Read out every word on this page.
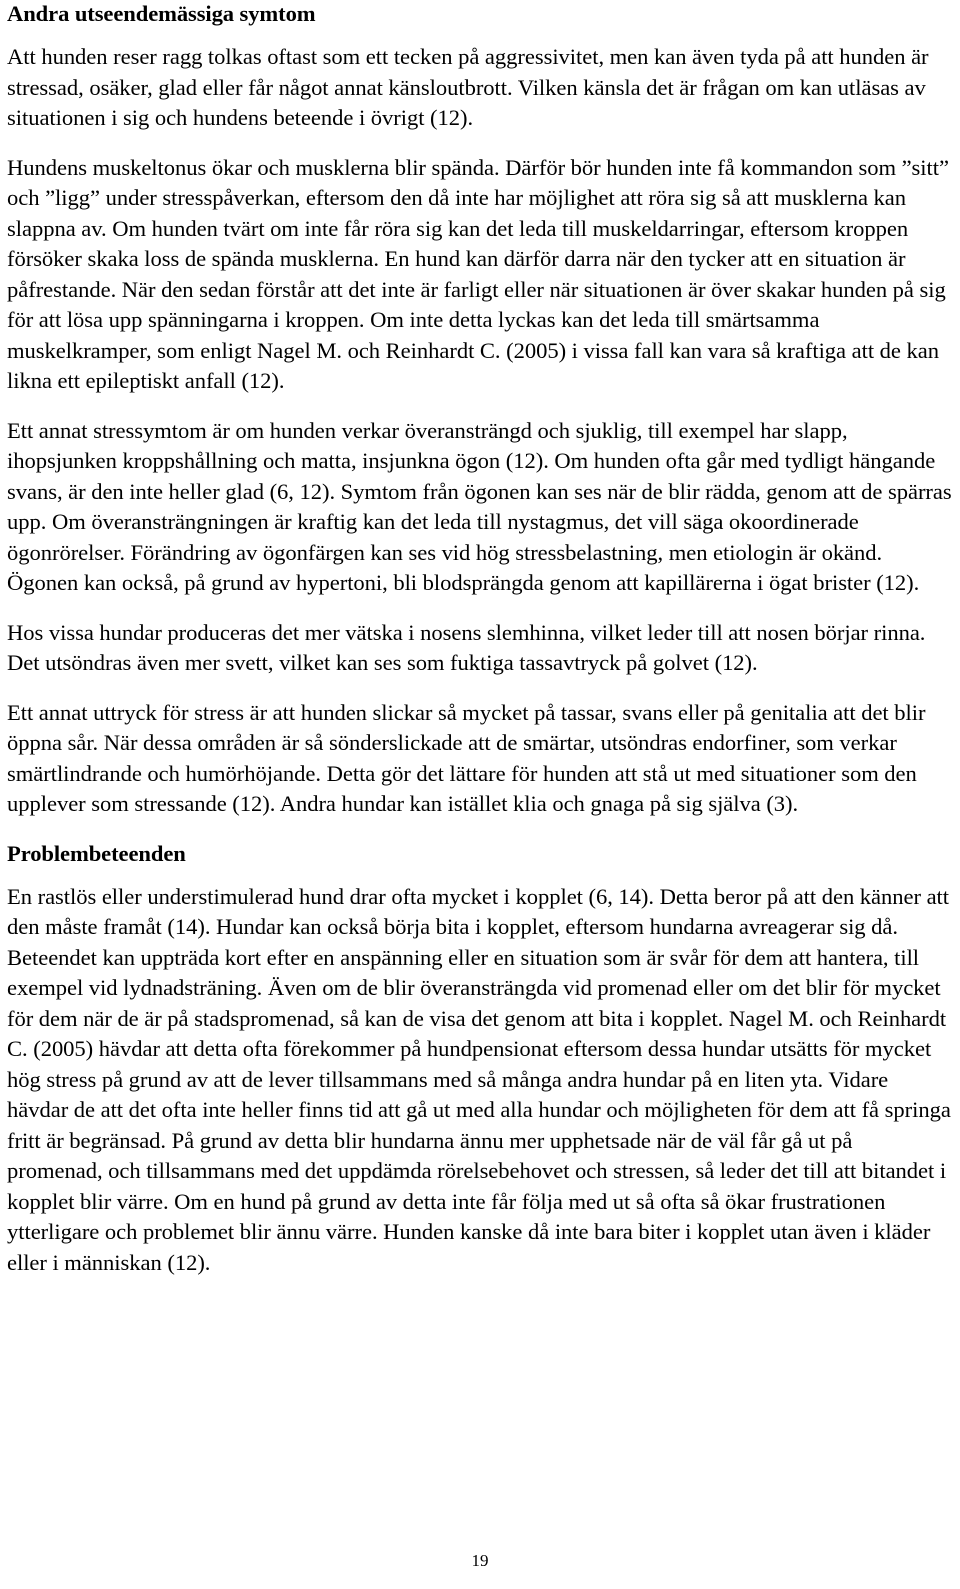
Andra utseendemässiga symtom

Att hunden reser ragg tolkas oftast som ett tecken på aggressivitet, men kan även tyda på att hunden är stressad, osäker, glad eller får något annat känsloutbrott. Vilken känsla det är frågan om kan utläsas av situationen i sig och hundens beteende i övrigt (12).

Hundens muskeltonus ökar och musklerna blir spända. Därför bör hunden inte få kommandon som ”sitt” och ”ligg” under stresspåverkan, eftersom den då inte har möjlighet att röra sig så att musklerna kan slappna av. Om hunden tvärt om inte får röra sig kan det leda till muskeldarringar, eftersom kroppen försöker skaka loss de spända musklerna. En hund kan därför darra när den tycker att en situation är påfrestande. När den sedan förstår att det inte är farligt eller när situationen är över skakar hunden på sig för att lösa upp spänningarna i kroppen. Om inte detta lyckas kan det leda till smärtsamma muskelkramper, som enligt Nagel M. och Reinhardt C. (2005) i vissa fall kan vara så kraftiga att de kan likna ett epileptiskt anfall (12).

Ett annat stressymtom är om hunden verkar överansträngd och sjuklig, till exempel har slapp, ihopsjunken kroppshållning och matta, insjunkna ögon (12). Om hunden ofta går med tydligt hängande svans, är den inte heller glad (6, 12). Symtom från ögonen kan ses när de blir rädda, genom att de spärras upp. Om överansträngningen är kraftig kan det leda till nystagmus, det vill säga okoordinerade ögonrörelser. Förändring av ögonfärgen kan ses vid hög stressbelastning, men etiologin är okänd. Ögonen kan också, på grund av hypertoni, bli blodsprängda genom att kapillärerna i ögat brister (12).

Hos vissa hundar produceras det mer vätska i nosens slemhinna, vilket leder till att nosen börjar rinna. Det utsöndras även mer svett, vilket kan ses som fuktiga tassavtryck på golvet (12).

Ett annat uttryck för stress är att hunden slickar så mycket på tassar, svans eller på genitalia att det blir öppna sår. När dessa områden är så sönderslickade att de smärtar, utsöndras endorfiner, som verkar smärtlindrande och humörhöjande. Detta gör det lättare för hunden att stå ut med situationer som den upplever som stressande (12). Andra hundar kan istället klia och gnaga på sig själva (3).

Problembeteenden

En rastlös eller understimulerad hund drar ofta mycket i kopplet (6, 14). Detta beror på att den känner att den måste framåt (14). Hundar kan också börja bita i kopplet, eftersom hundarna avreagerar sig då. Beteendet kan uppträda kort efter en anspänning eller en situation som är svår för dem att hantera, till exempel vid lydnadsträning. Även om de blir överansträngda vid promenad eller om det blir för mycket för dem när de är på stadspromenad, så kan de visa det genom att bita i kopplet. Nagel M. och Reinhardt C. (2005) hävdar att detta ofta förekommer på hundpensionat eftersom dessa hundar utsätts för mycket hög stress på grund av att de lever tillsammans med så många andra hundar på en liten yta. Vidare hävdar de att det ofta inte heller finns tid att gå ut med alla hundar och möjligheten för dem att få springa fritt är begränsad. På grund av detta blir hundarna ännu mer upphetsade när de väl får gå ut på promenad, och tillsammans med det uppdämda rörelsebehovet och stressen, så leder det till att bitandet i kopplet blir värre. Om en hund på grund av detta inte får följa med ut så ofta så ökar frustrationen ytterligare och problemet blir ännu värre. Hunden kanske då inte bara biter i kopplet utan även i kläder eller i människan (12).

19
